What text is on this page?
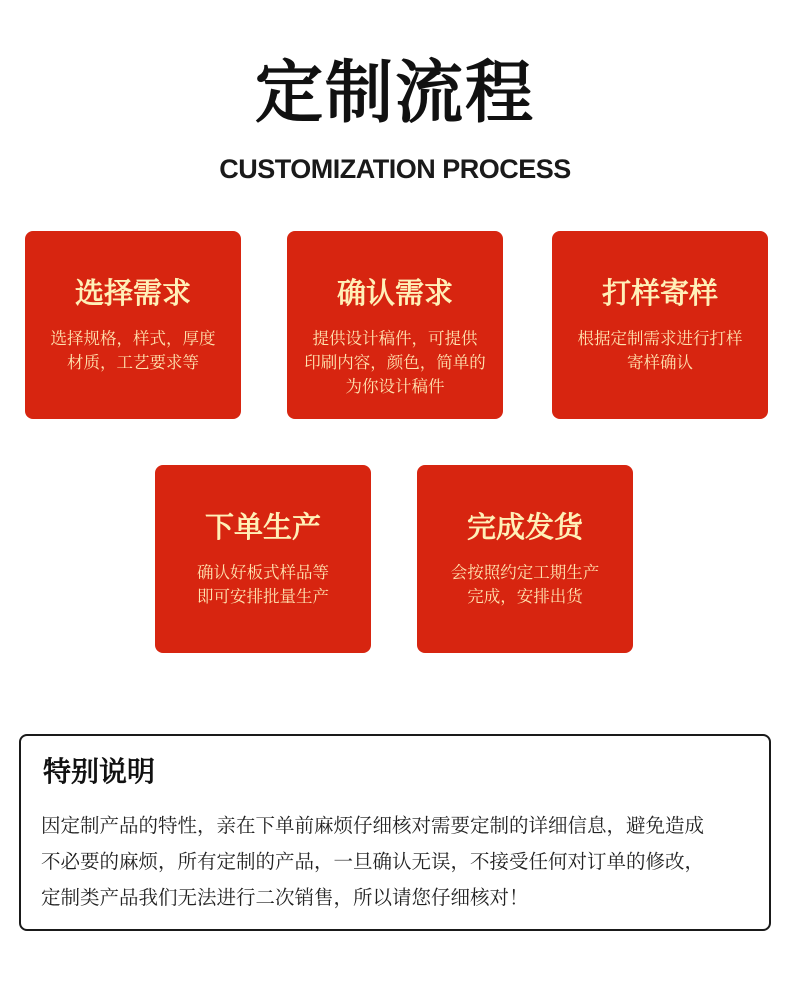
定制流程
CUSTOMIZATION PROCESS
选择需求
选择规格，样式，厚度
材质，工艺要求等
确认需求
提供设计稿件，可提供
印刷内容，颜色，简单的
为你设计稿件
打样寄样
根据定制需求进行打样
寄样确认
下单生产
确认好板式样品等
即可安排批量生产
完成发货
会按照约定工期生产
完成，安排出货
特别说明
因定制产品的特性，亲在下单前麻烦仔细核对需要定制的详细信息，避免造成
不必要的麻烦，所有定制的产品，一旦确认无误，不接受任何对订单的修改，
定制类产品我们无法进行二次销售，所以请您仔细核对！
